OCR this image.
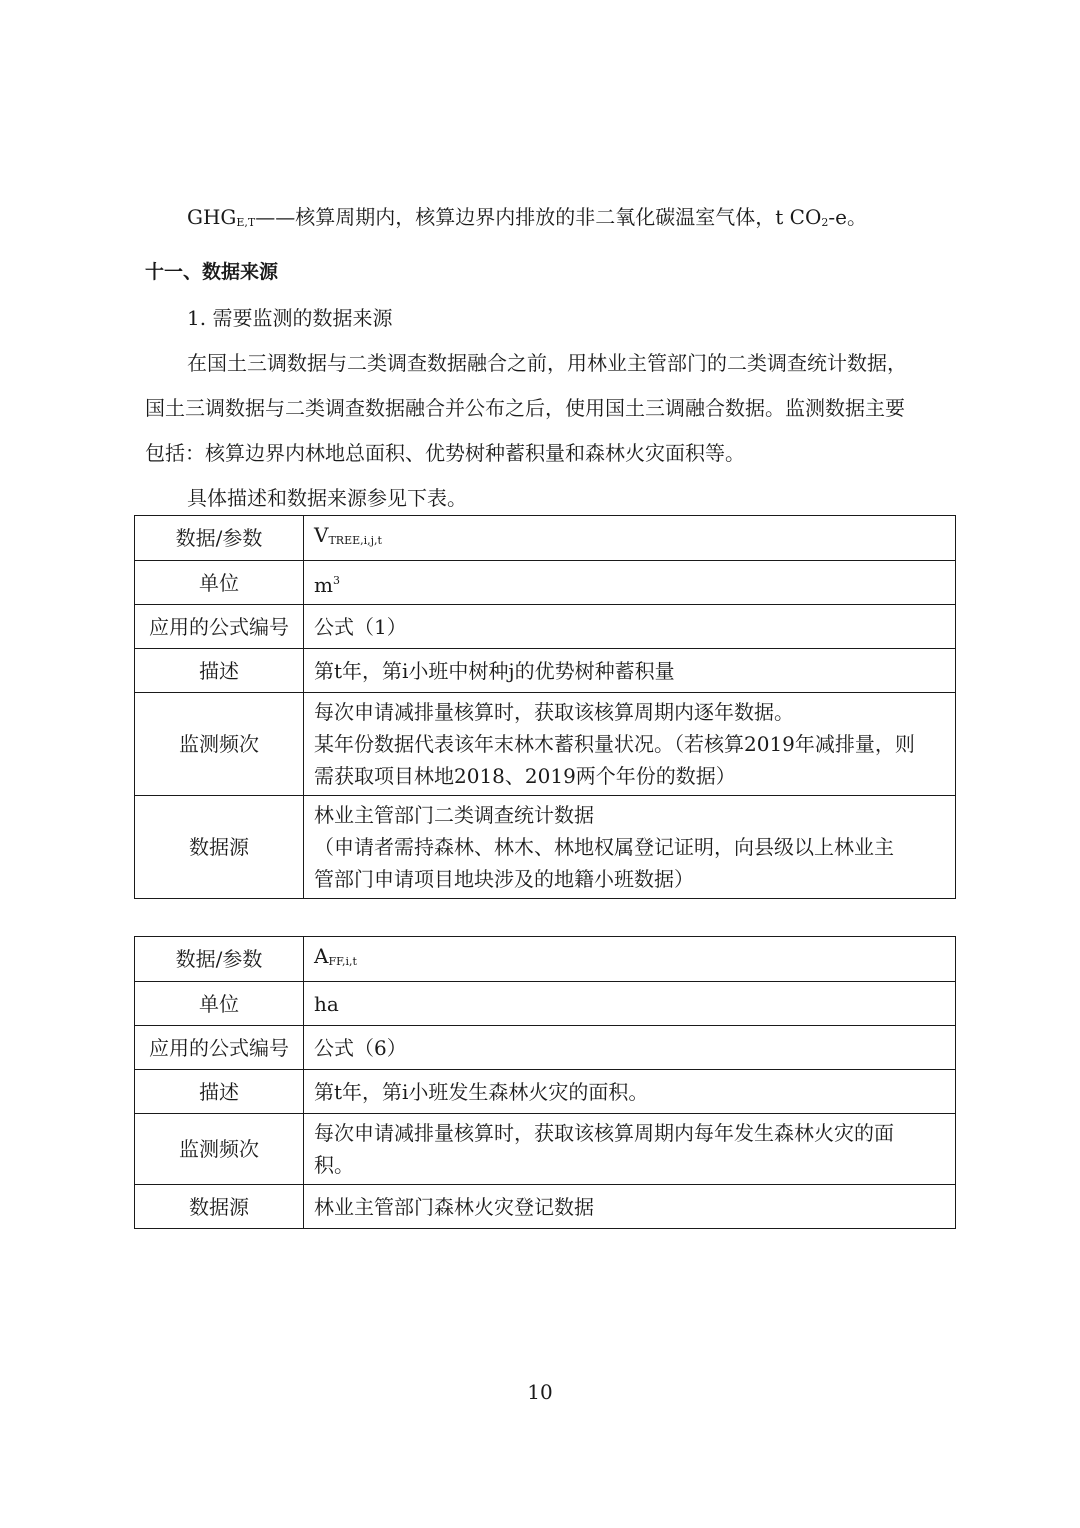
$GHG_{E,T}——$核算周期内，核算边界内排放的非二氧化碳温室气体，t $CO_2-e$。
十一、数据来源
1. 需要监测的数据来源
在国土三调数据与二类调查数据融合之前，用林业主管部门的二类调查统计数据，
国土三调数据与二类调查数据融合并公布之后，使用国土三调融合数据。监测数据主要
包括：核算边界内林地总面积、优势树种蓄积量和森林火灾面积等。
具体描述和数据来源参见下表。
数据/参数	$V_{TREE,i,j,t}$
单位	$m^3$
应用的公式编号	公式（1）
描述	第t年，第i小班中树种j的优势树种蓄积量
监测频次	每次申请减排量核算时，获取该核算周期内逐年数据。
某年份数据代表该年末林木蓄积量状况。（若核算2019年减排量，则
需获取项目林地2018、2019两个年份的数据）

数据源	林业主管部门二类调查统计数据
（申请者需持森林、林木、林地权属登记证明，向县级以上林业主
管部门申请项目地块涉及的地籍小班数据）
数据/参数	$A_{FF,i,t}$
单位	ha
应用的公式编号	公式（6）
描述	第t年，第i小班发生森林火灾的面积。
监测频次	每次申请减排量核算时，获取该核算周期内每年发生森林火灾的面
积。

数据源	林业主管部门森林火灾登记数据
10
